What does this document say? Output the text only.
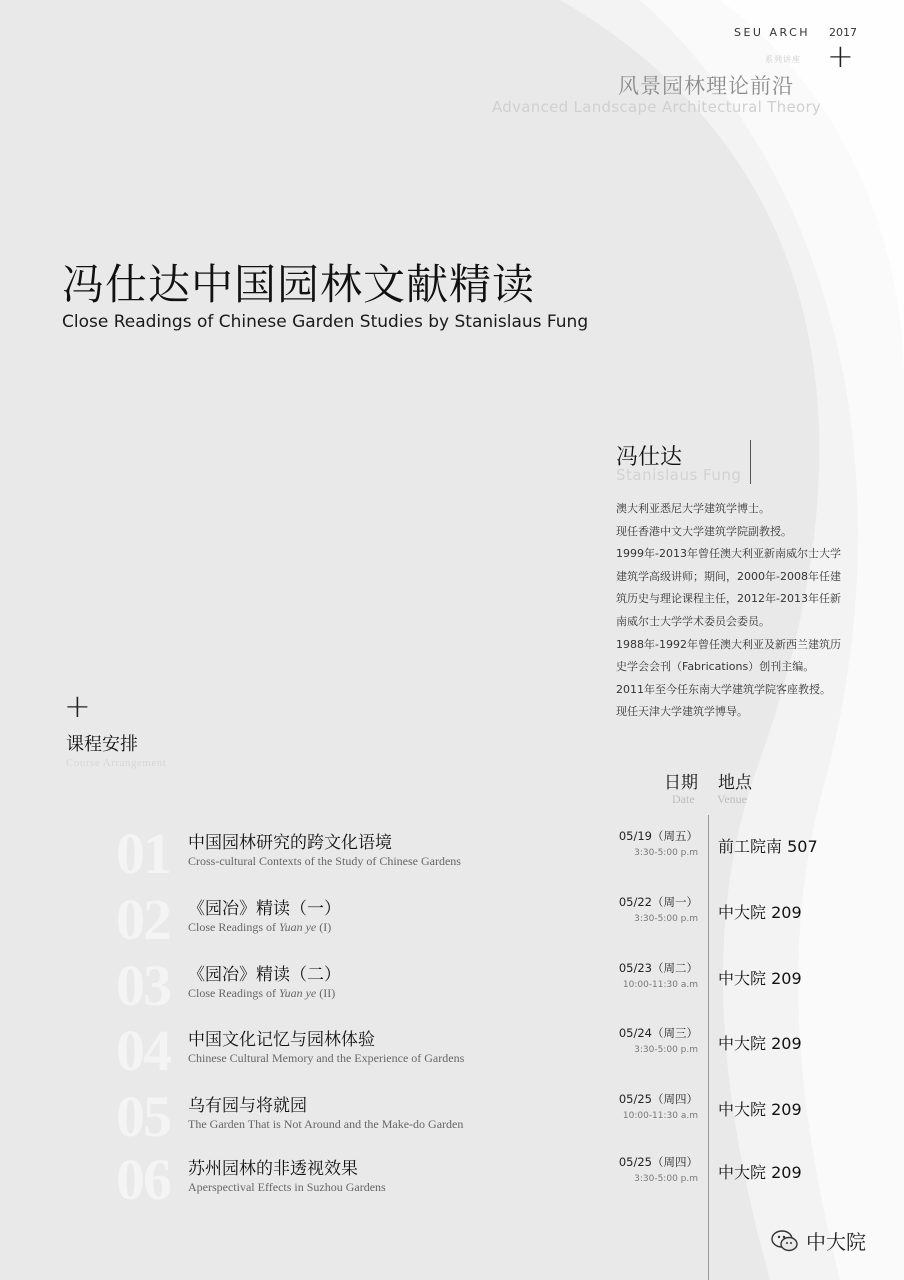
SEU ARCH 2017
+
系列讲座
风景园林理论前沿
Advanced Landscape Architectural Theory
冯仕达中国园林文献精读
Close Readings of Chinese Garden Studies by Stanislaus Fung
冯仕达
Stanislaus Fung
澳大利亚悉尼大学建筑学博士。
现任香港中文大学建筑学院副教授。
1999年-2013年曾任澳大利亚新南威尔士大学
建筑学高级讲师；期间，2000年-2008年任建
筑历史与理论课程主任，2012年-2013年任新
南威尔士大学学术委员会委员。
1988年-1992年曾任澳大利亚及新西兰建筑历
史学会会刊（Fabrications）创刊主编。
2011年至今任东南大学建筑学院客座教授。
现任天津大学建筑学博导。
+
课程安排
Course Arrangement
日期 地点
Date Venue
01 中国园林研究的跨文化语境
Cross-cultural Contexts of the Study of Chinese Gardens
05/19（周五）
3:30-5:00 p.m 前工院南 507
02 《园冶》精读（一）
Close Readings of Yuan ye (I)
05/22（周一）
3:30-5:00 p.m 中大院 209
03 《园冶》精读（二）
Close Readings of Yuan ye (II)
05/23（周二）
10:00-11:30 a.m 中大院 209
04 中国文化记忆与园林体验
Chinese Cultural Memory and the Experience of Gardens
05/24（周三）
3:30-5:00 p.m 中大院 209
05 乌有园与将就园
The Garden That is Not Around and the Make-do Garden
05/25（周四）
10:00-11:30 a.m 中大院 209
06 苏州园林的非透视效果
Aperspectival Effects in Suzhou Gardens
05/25（周四）
3:30-5:00 p.m 中大院 209
中大院
